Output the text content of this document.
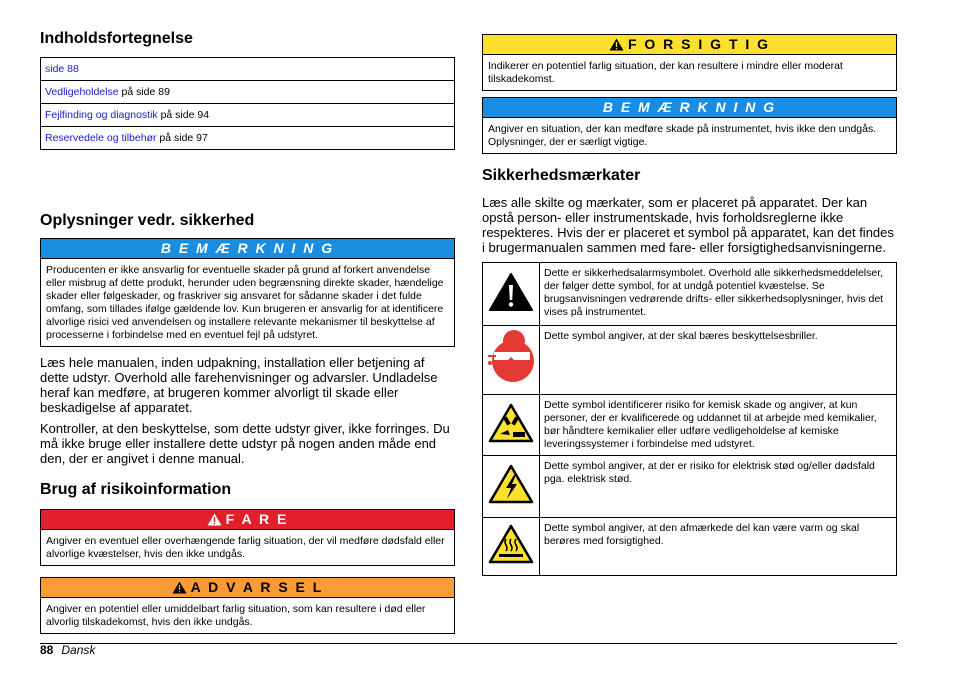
Indholdsfortegnelse
side 88
Vedligeholdelse på side 89
Fejlfinding og diagnostik på side 94
Reservedele og tilbehør på side 97
Oplysninger vedr. sikkerhed
B E M Æ R K N I N G
Producenten er ikke ansvarlig for eventuelle skader på grund af forkert anvendelse eller misbrug af dette produkt, herunder uden begrænsning direkte skader, hændelige skader eller følgeskader, og fraskriver sig ansvaret for sådanne skader i det fulde omfang, som tillades ifølge gældende lov. Kun brugeren er ansvarlig for at identificere alvorlige risici ved anvendelsen og installere relevante mekanismer til beskyttelse af processerne i forbindelse med en eventuel fejl på udstyret.

Læs hele manualen, inden udpakning, installation eller betjening af dette udstyr. Overhold alle farehenvisninger og advarsler. Undladelse heraf kan medføre, at brugeren kommer alvorligt til skade eller beskadigelse af apparatet.

Kontroller, at den beskyttelse, som dette udstyr giver, ikke forringes. Du må ikke bruge eller installere dette udstyr på nogen anden måde end den, der er angivet i denne manual.

Brug af risikoinformation
F A R E
Angiver en eventuel eller overhængende farlig situation, der vil medføre dødsfald eller alvorlige kvæstelser, hvis den ikke undgås.
A D V A R S E L
Angiver en potentiel eller umiddelbart farlig situation, som kan resultere i død eller alvorlig tilskadekomst, hvis den ikke undgås.
F O R S I G T I G
Indikerer en potentiel farlig situation, der kan resultere i mindre eller moderat tilskadekomst.
B E M Æ R K N I N G
Angiver en situation, der kan medføre skade på instrumentet, hvis ikke den undgås. Oplysninger, der er særligt vigtige.
Sikkerhedsmærkater

Læs alle skilte og mærkater, som er placeret på apparatet. Der kan opstå person- eller instrumentskade, hvis forholdsreglerne ikke respekteres. Hvis der er placeret et symbol på apparatet, kan det findes i brugermanualen sammen med fare- eller forsigtighedsanvisningerne.

	Dette er sikkerhedsalarmsymbolet. Overhold alle sikkerhedsmeddelelser, der følger dette symbol, for at undgå potentiel kvæstelse. Se brugsanvisningen vedrørende drifts- eller sikkerhedsoplysninger, hvis det vises på instrumentet.
	Dette symbol angiver, at der skal bæres beskyttelsesbriller.
	Dette symbol identificerer risiko for kemisk skade og angiver, at kun personer, der er kvalificerede og uddannet til at arbejde med kemikalier, bør håndtere kemikalier eller udføre vedligeholdelse af kemiske leveringssystemer i forbindelse med udstyret.
	Dette symbol angiver, at der er risiko for elektrisk stød og/eller dødsfald pga. elektrisk stød.
	Dette symbol angiver, at den afmærkede del kan være varm og skal berøres med forsigtighed.
88 Dansk
